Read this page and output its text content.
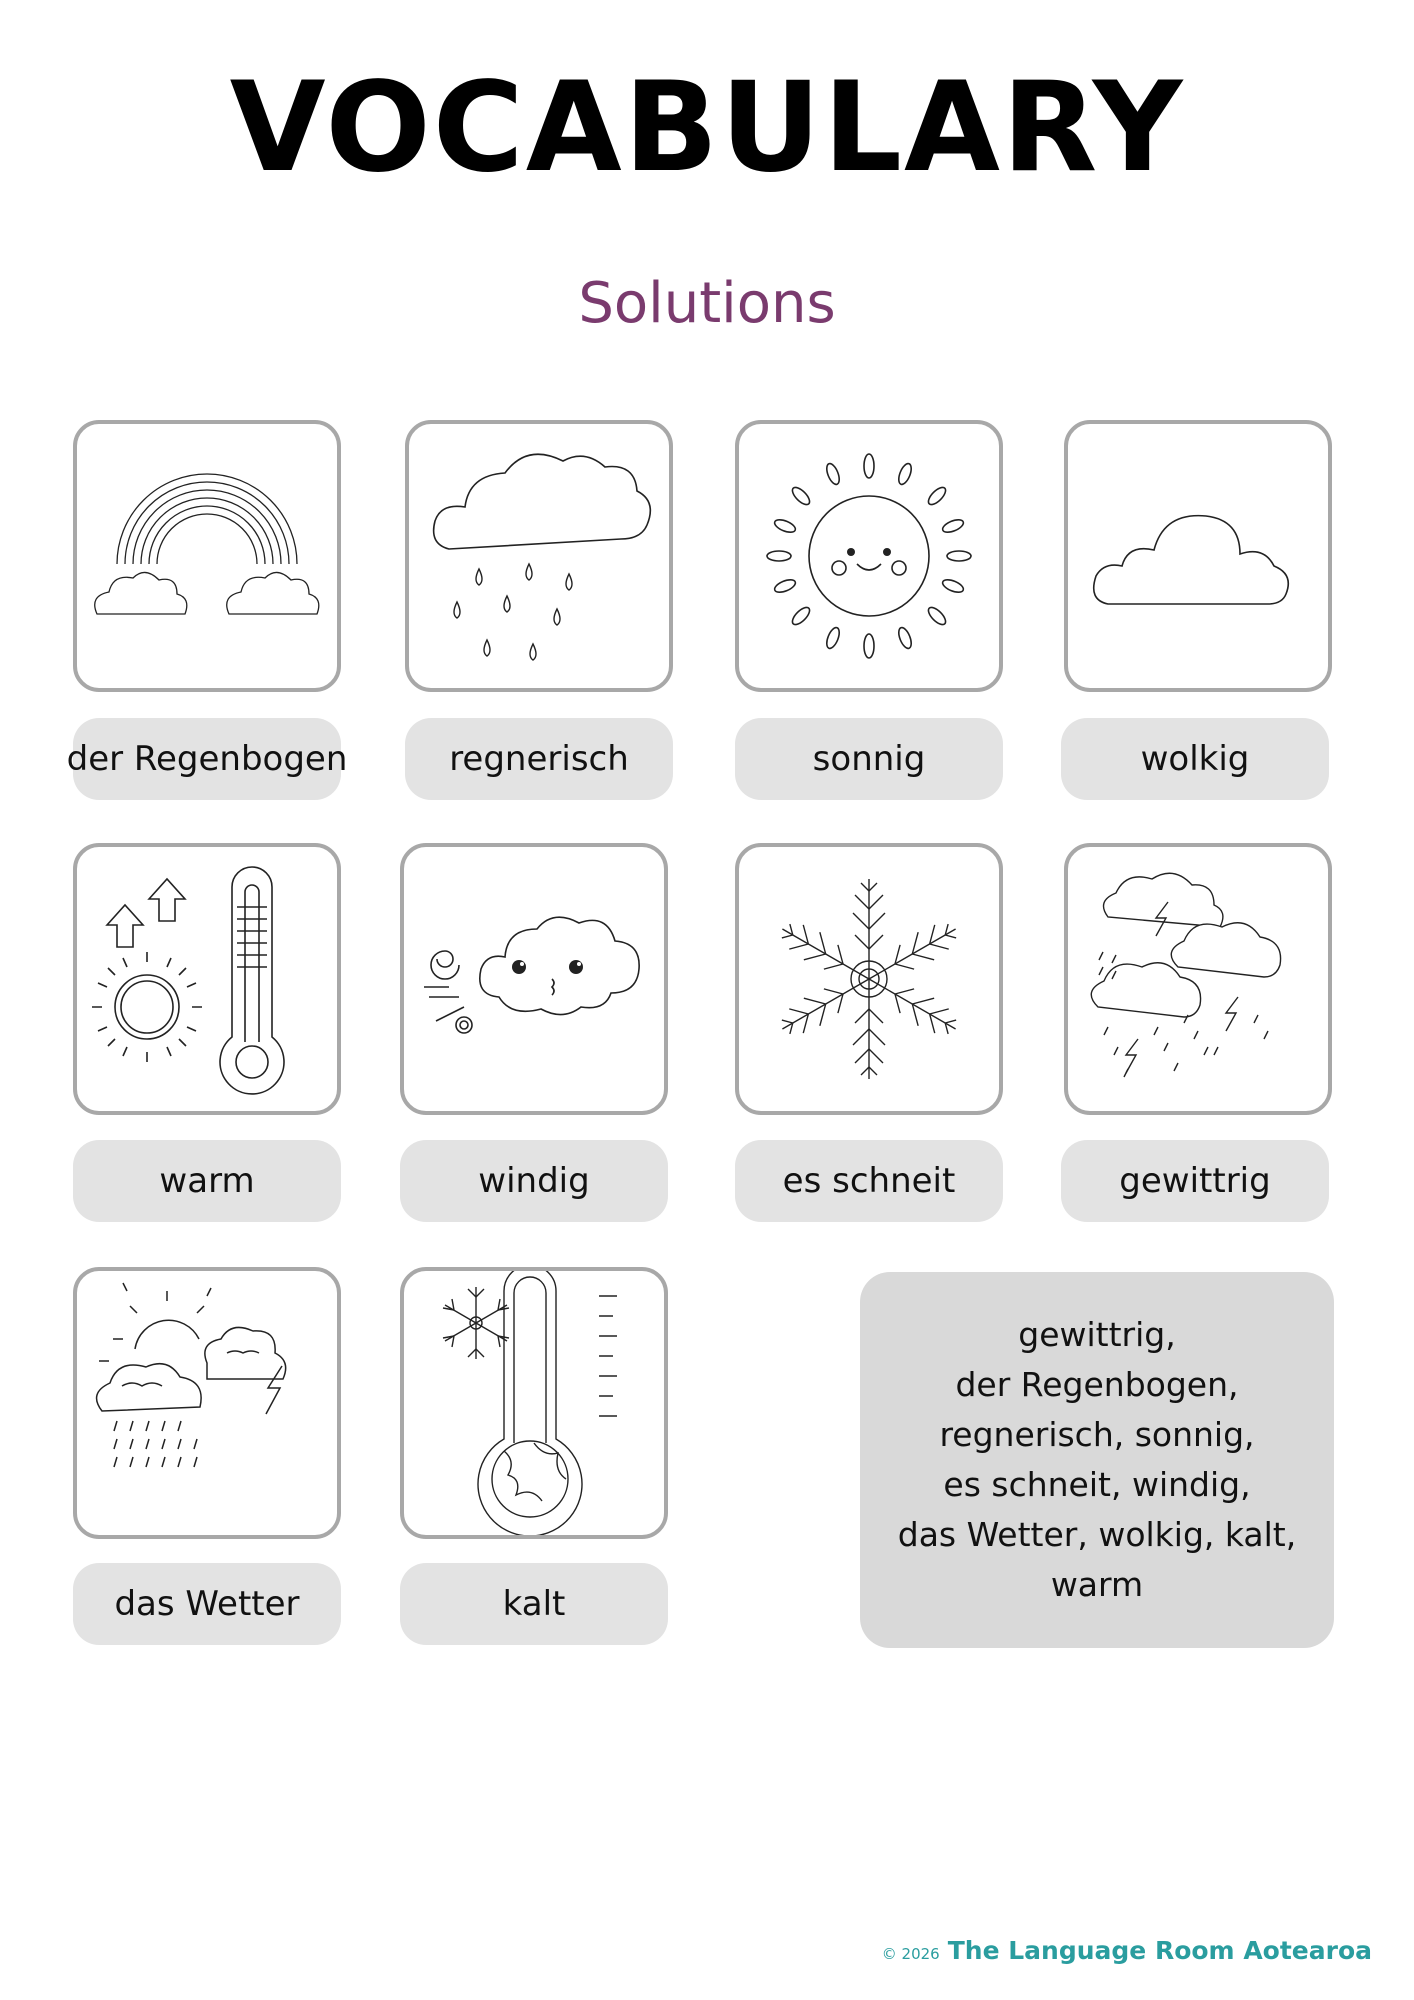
VOCABULARY
Solutions
der Regenbogen	regnerisch	sonnig	wolkig
warm	windig	es schneit	gewittrig
das Wetter	kalt
gewittrig,
der Regenbogen,
regnerisch, sonnig,
es schneit, windig,
das Wetter, wolkig, kalt,
warm
© 2026 The Language Room Aotearoa
